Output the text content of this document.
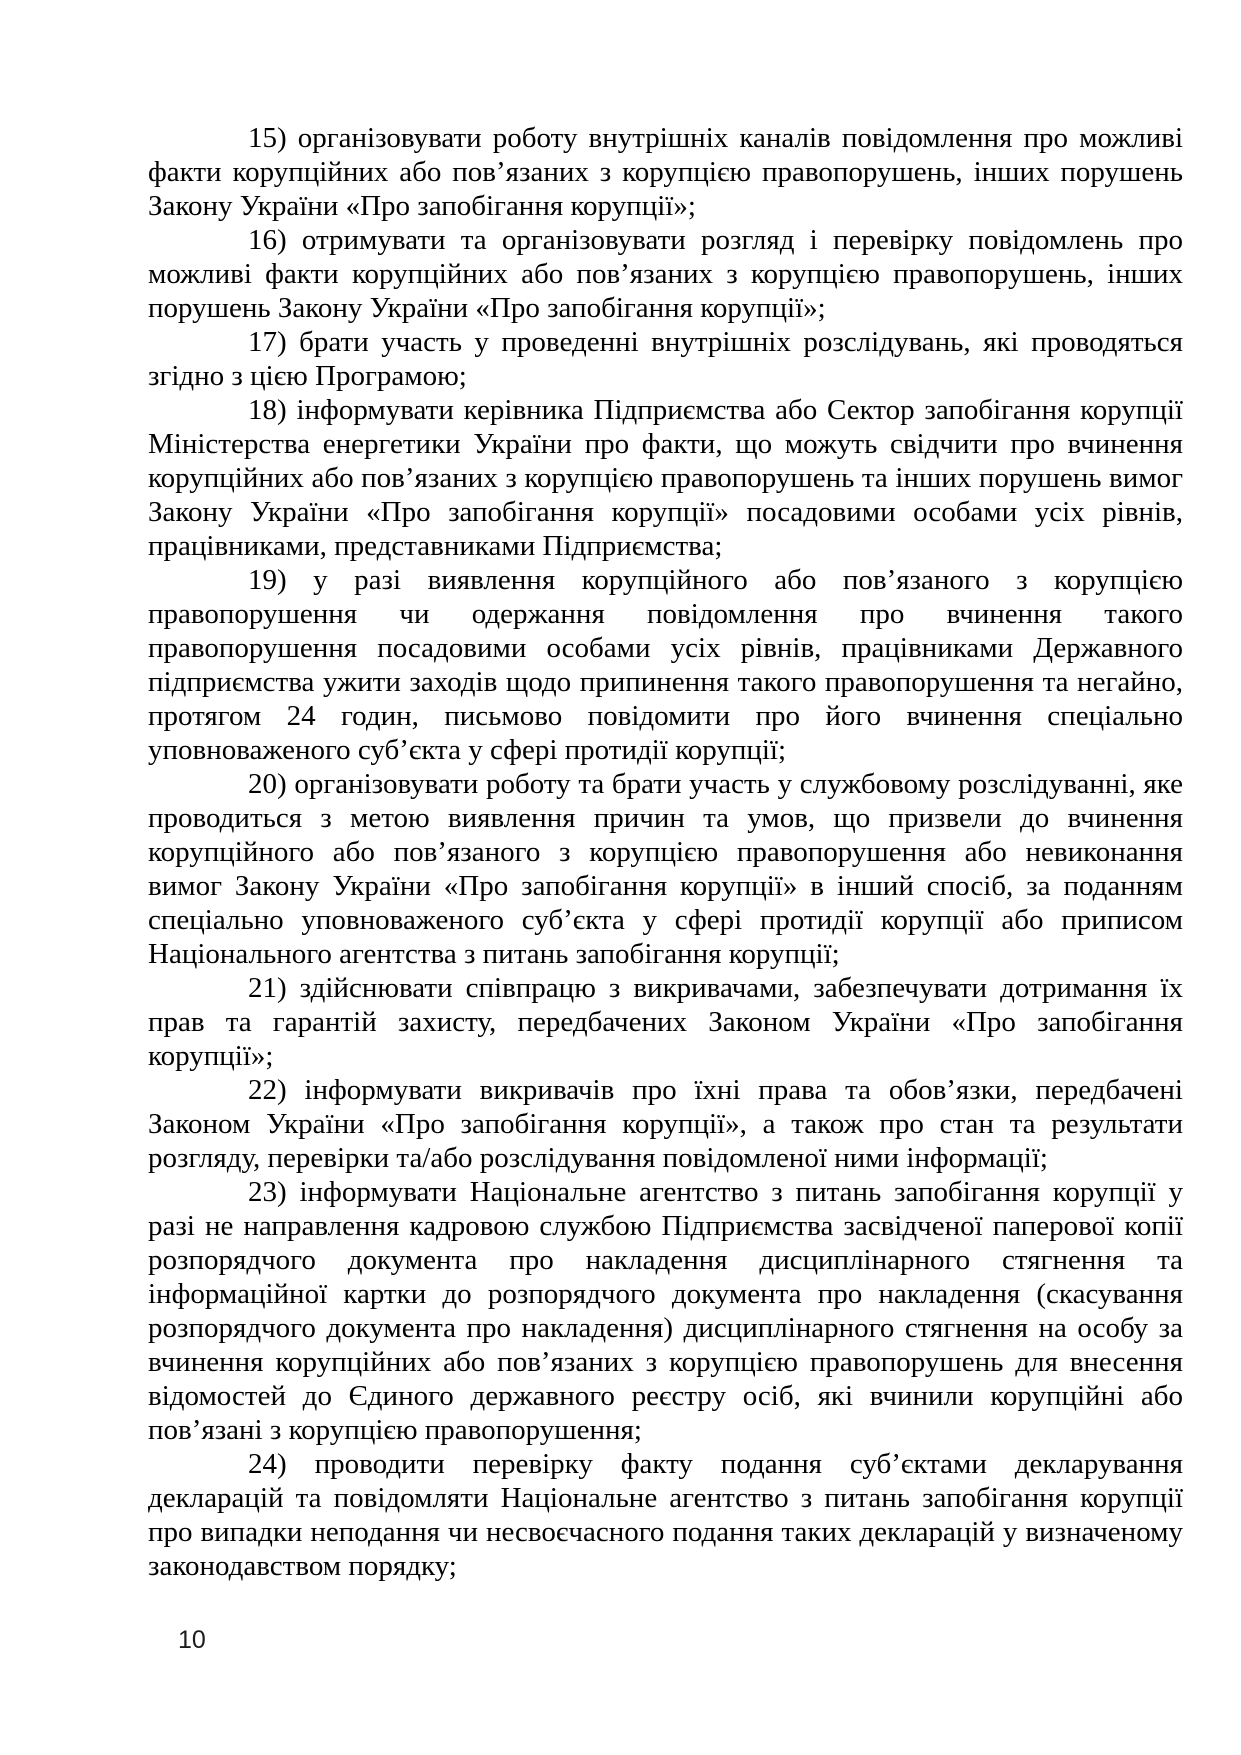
15) організовувати роботу внутрішніх каналів повідомлення про можливі факти корупційних або пов’язаних з корупцією правопорушень, інших порушень Закону України «Про запобігання корупції»;

16) отримувати та організовувати розгляд і перевірку повідомлень про можливі факти корупційних або пов’язаних з корупцією правопорушень, інших порушень Закону України «Про запобігання корупції»;

17) брати участь у проведенні внутрішніх розслідувань, які проводяться згідно з цією Програмою;

18) інформувати керівника Підприємства або Сектор запобігання корупції Міністерства енергетики України про факти, що можуть свідчити про вчинення корупційних або пов’язаних з корупцією правопорушень та інших порушень вимог Закону України «Про запобігання корупції» посадовими особами усіх рівнів, працівниками, представниками Підприємства;

19) у разі виявлення корупційного або пов’язаного з корупцією правопорушення чи одержання повідомлення про вчинення такого правопорушення посадовими особами усіх рівнів, працівниками Державного підприємства ужити заходів щодо припинення такого правопорушення та негайно, протягом 24 годин, письмово повідомити про його вчинення спеціально уповноваженого суб’єкта у сфері протидії корупції;

20) організовувати роботу та брати участь у службовому розслідуванні, яке проводиться з метою виявлення причин та умов, що призвели до вчинення корупційного або пов’язаного з корупцією правопорушення або невиконання вимог Закону України «Про запобігання корупції» в інший спосіб, за поданням спеціально уповноваженого суб’єкта у сфері протидії корупції або приписом Національного агентства з питань запобігання корупції;

21) здійснювати співпрацю з викривачами, забезпечувати дотримання їх прав та гарантій захисту, передбачених Законом України «Про запобігання корупції»;

22) інформувати викривачів про їхні права та обов’язки, передбачені Законом України «Про запобігання корупції», а також про стан та результати розгляду, перевірки та/або розслідування повідомленої ними інформації;

23) інформувати Національне агентство з питань запобігання корупції у разі не направлення кадровою службою Підприємства засвідченої паперової копії розпорядчого документа про накладення дисциплінарного стягнення та інформаційної картки до розпорядчого документа про накладення (скасування розпорядчого документа про накладення) дисциплінарного стягнення на особу за вчинення корупційних або пов’язаних з корупцією правопорушень для внесення відомостей до Єдиного державного реєстру осіб, які вчинили корупційні або пов’язані з корупцією правопорушення;

24) проводити перевірку факту подання суб’єктами декларування декларацій та повідомляти Національне агентство з питань запобігання корупції про випадки неподання чи несвоєчасного подання таких декларацій у визначеному законодавством порядку;

10
